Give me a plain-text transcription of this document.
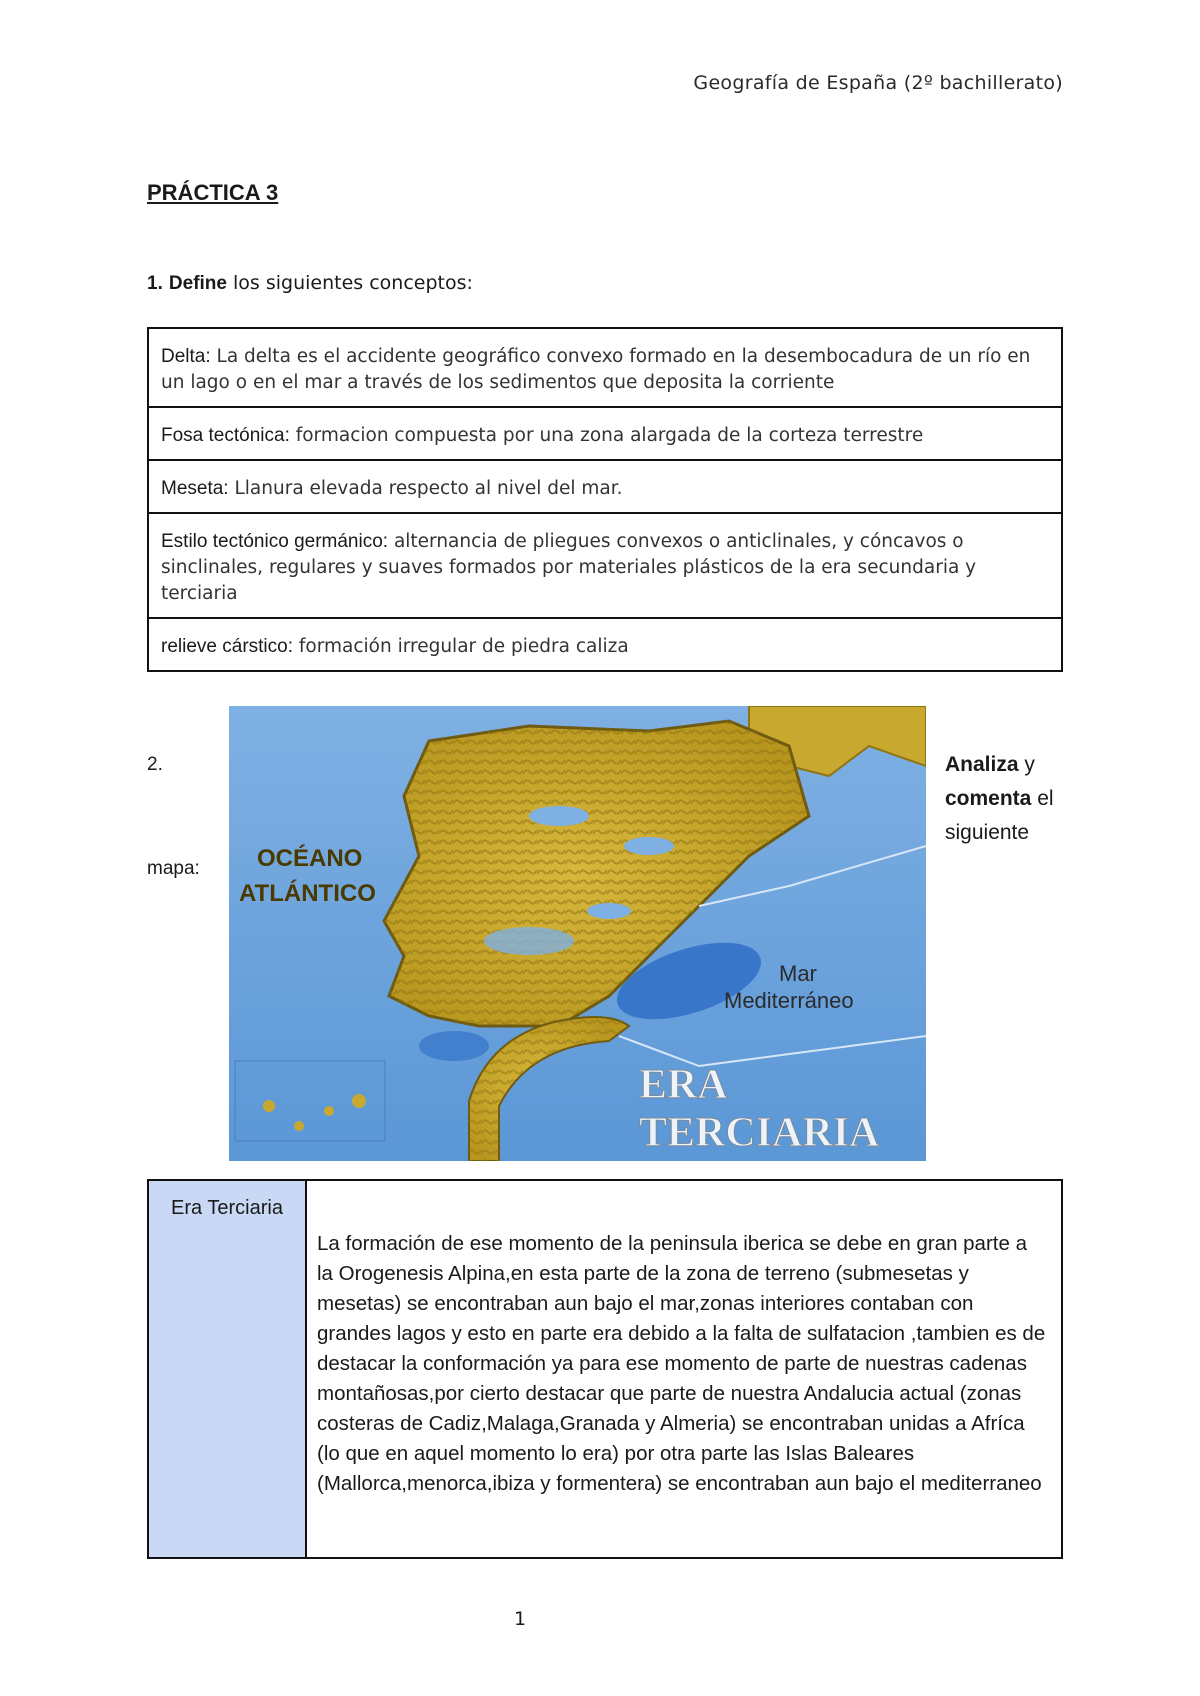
Geografía de España (2º bachillerato)
PRÁCTICA 3
1. Define los siguientes conceptos:
Delta: La delta es el accidente geográfico convexo formado en la desembocadura de un río en un lago o en el mar a través de los sedimentos que deposita la corriente
Fosa tectónica: formacion compuesta por una zona alargada de la corteza terrestre
Meseta: Llanura elevada respecto al nivel del mar.
Estilo tectónico germánico: alternancia de pliegues convexos o anticlinales, y cóncavos o sinclinales, regulares y suaves formados por materiales plásticos de la era secundaria y terciaria
relieve cárstico: formación irregular de piedra caliza
2.
mapa:
Analiza y
comenta el
siguiente
OCÉANO
ATLÁNTICO
Mar
Mediterráneo
ERA
TERCIARIA
Era Terciaria
La formación de ese momento de la peninsula iberica se debe en gran parte a la Orogenesis Alpina,en esta parte de la zona de terreno (submesetas y mesetas) se encontraban aun bajo el mar,zonas interiores contaban con grandes lagos y esto en parte era debido a la falta de sulfatacion ,tambien es de destacar la conformación ya para ese momento de parte de nuestras cadenas montañosas,por cierto destacar que parte de nuestra Andalucia actual (zonas costeras de Cadiz,Malaga,Granada y Almeria) se encontraban unidas a Afríca (lo que en aquel momento lo era) por otra parte las Islas Baleares (Mallorca,menorca,ibiza y formentera) se encontraban aun bajo el mediterraneo
1
